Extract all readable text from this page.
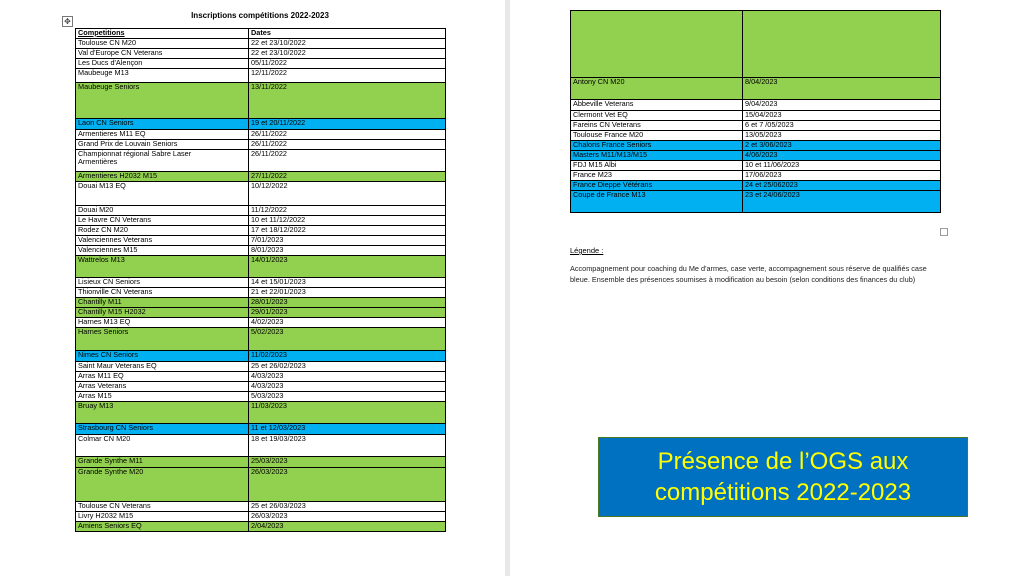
✥
Inscriptions compétitions 2022-2023
Competitions	Dates
Toulouse CN M20	22 et 23/10/2022
Val d'Europe CN Veterans	22 et 23/10/2022
Les Ducs d'Alençon	05/11/2022
Maubeuge M13	12/11/2022
Maubeuge Seniors	13/11/2022
Laon CN Seniors	19 et 20/11/2022
Armentieres M11 EQ	26/11/2022
Grand Prix de Louvain Seniors	26/11/2022
Championnat régional Sabre Laser
Armentières	26/11/2022
Armentieres H2032 M15	27/11/2022
Douai M13 EQ	10/12/2022
Douai M20	11/12/2022
Le Havre CN Veterans	10 et 11/12/2022
Rodez CN M20	17 et 18/12/2022
Valenciennes Veterans	7/01/2023
Valenciennes M15	8/01/2023
Wattrelos M13	14/01/2023
Lisieux CN Seniors	14 et 15/01/2023
Thionville CN Veterans	21 et 22/01/2023
Chantilly M11	28/01/2023
Chantilly M15 H2032	29/01/2023
Harnes M13 EQ	4/02/2023
Harnes Seniors	5/02/2023
Nimes CN Seniors	11/02/2023
Saint Maur Veterans EQ	25 et 26/02/2023
Arras M11 EQ	4/03/2023
Arras Veterans	4/03/2023
Arras M15	5/03/2023
Bruay M13	11/03/2023
Strasbourg CN Seniors	11 et 12/03/2023
Colmar CN M20	18 et 19/03/2023
Grande Synthe M11	25/03/2023
Grande Synthe M20	26/03/2023
Toulouse CN Veterans	25 et 26/03/2023
Livry H2032 M15	26/03/2023
Amiens Seniors EQ	2/04/2023

Antony CN M20	8/04/2023
Abbeville Veterans	9/04/2023
Clermont Vet EQ	15/04/2023
Fareins CN Veterans	6 et 7 /05/2023
Toulouse France M20	13/05/2023
Chalons France Seniors	2 et 3/06/2023
Masters M11/M13/M15	4/06/2023
FDJ M15 Albi	10 et 11/06/2023
France M23	17/06/2023
France Dieppe Vétérans	24 et 25/062023
Coupe de France M13	23 et 24/06/2023
Légende :
Accompagnement pour coaching du Me d'armes, case verte, accompagnement sous réserve de qualifiés case bleue. Ensemble des présences soumises à modification au besoin (selon conditions des finances du club)
Présence de l’OGS aux
compétitions 2022-2023
